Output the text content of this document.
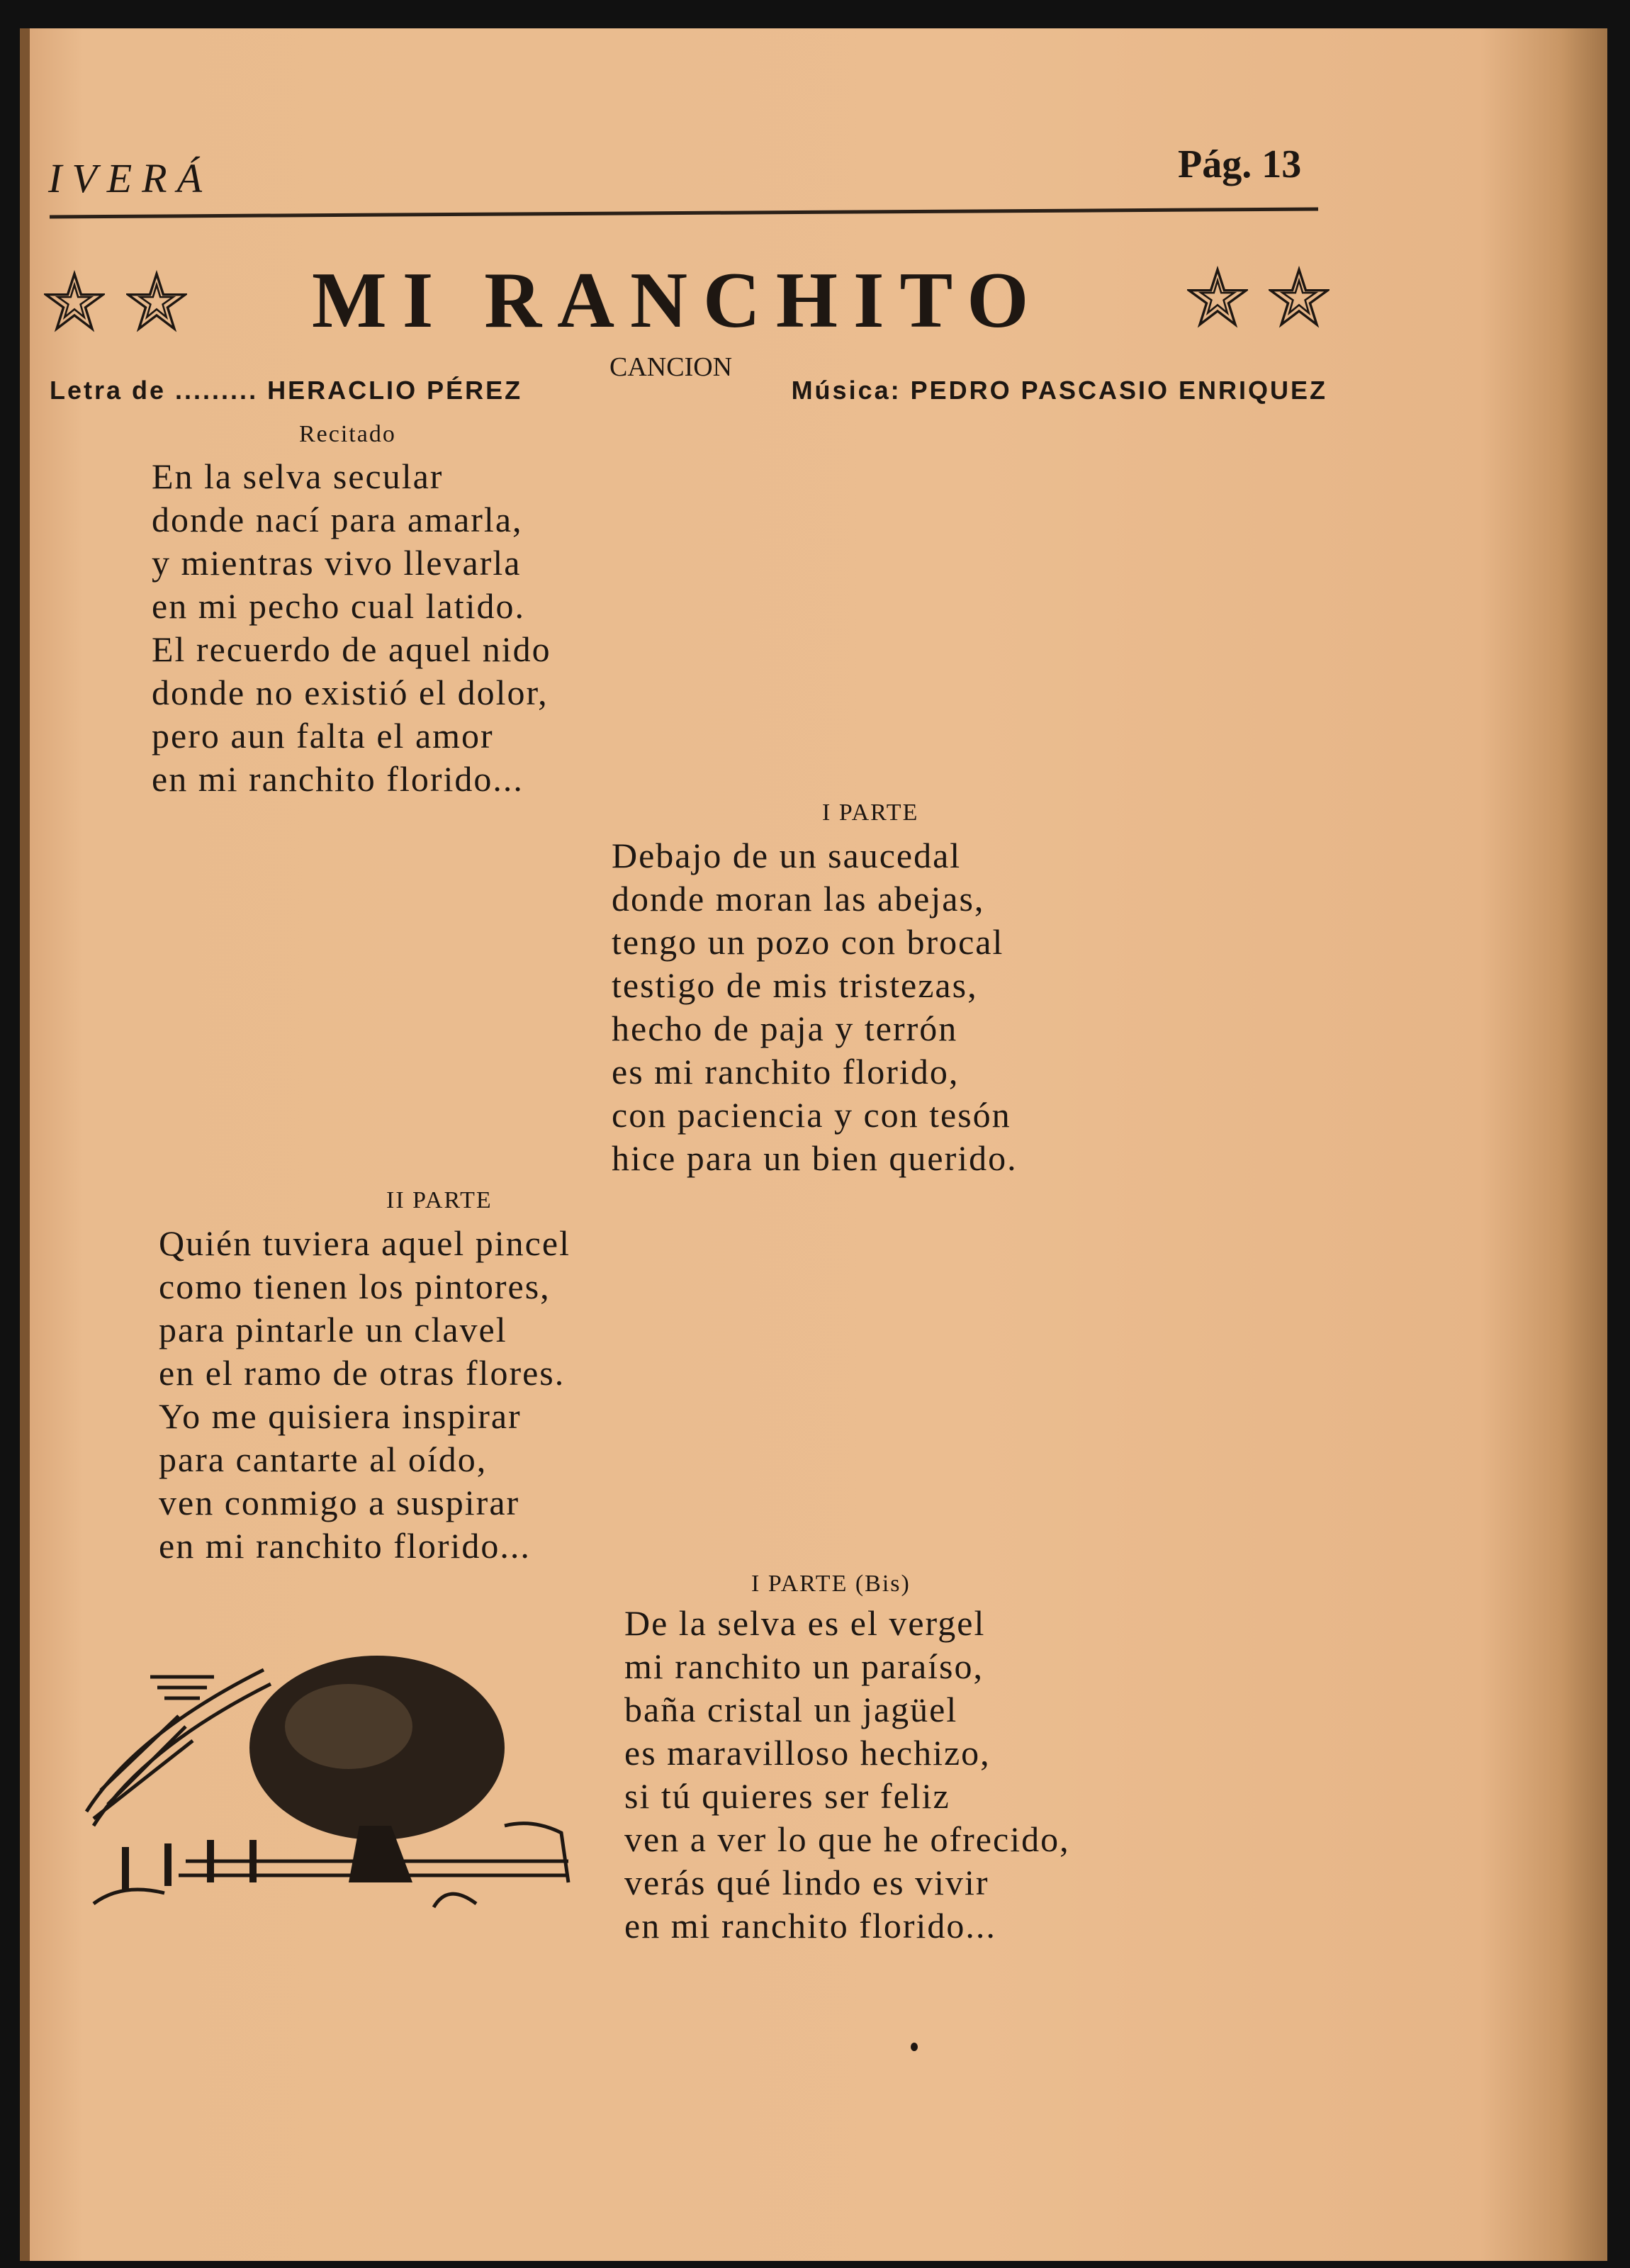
IVERÁ	Pág. 13
MI RANCHITO
CANCION
Letra de ......... HERACLIO PÉREZ	Música: PEDRO PASCASIO ENRIQUEZ
Recitado
En la selva secular
donde nací para amarla,
y mientras vivo llevarla
en mi pecho cual latido.
El recuerdo de aquel nido
donde no existió el dolor,
pero aun falta el amor
en mi ranchito florido...
I PARTE
Debajo de un saucedal
donde moran las abejas,
tengo un pozo con brocal
testigo de mis tristezas,
hecho de paja y terrón
es mi ranchito florido,
con paciencia y con tesón
hice para un bien querido.
II PARTE
Quién tuviera aquel pincel
como tienen los pintores,
para pintarle un clavel
en el ramo de otras flores.
Yo me quisiera inspirar
para cantarte al oído,
ven conmigo a suspirar
en mi ranchito florido...
I PARTE (Bis)
De la selva es el vergel
mi ranchito un paraíso,
baña cristal un jagüel
es maravilloso hechizo,
si tú quieres ser feliz
ven a ver lo que he ofrecido,
verás qué lindo es vivir
en mi ranchito florido...
